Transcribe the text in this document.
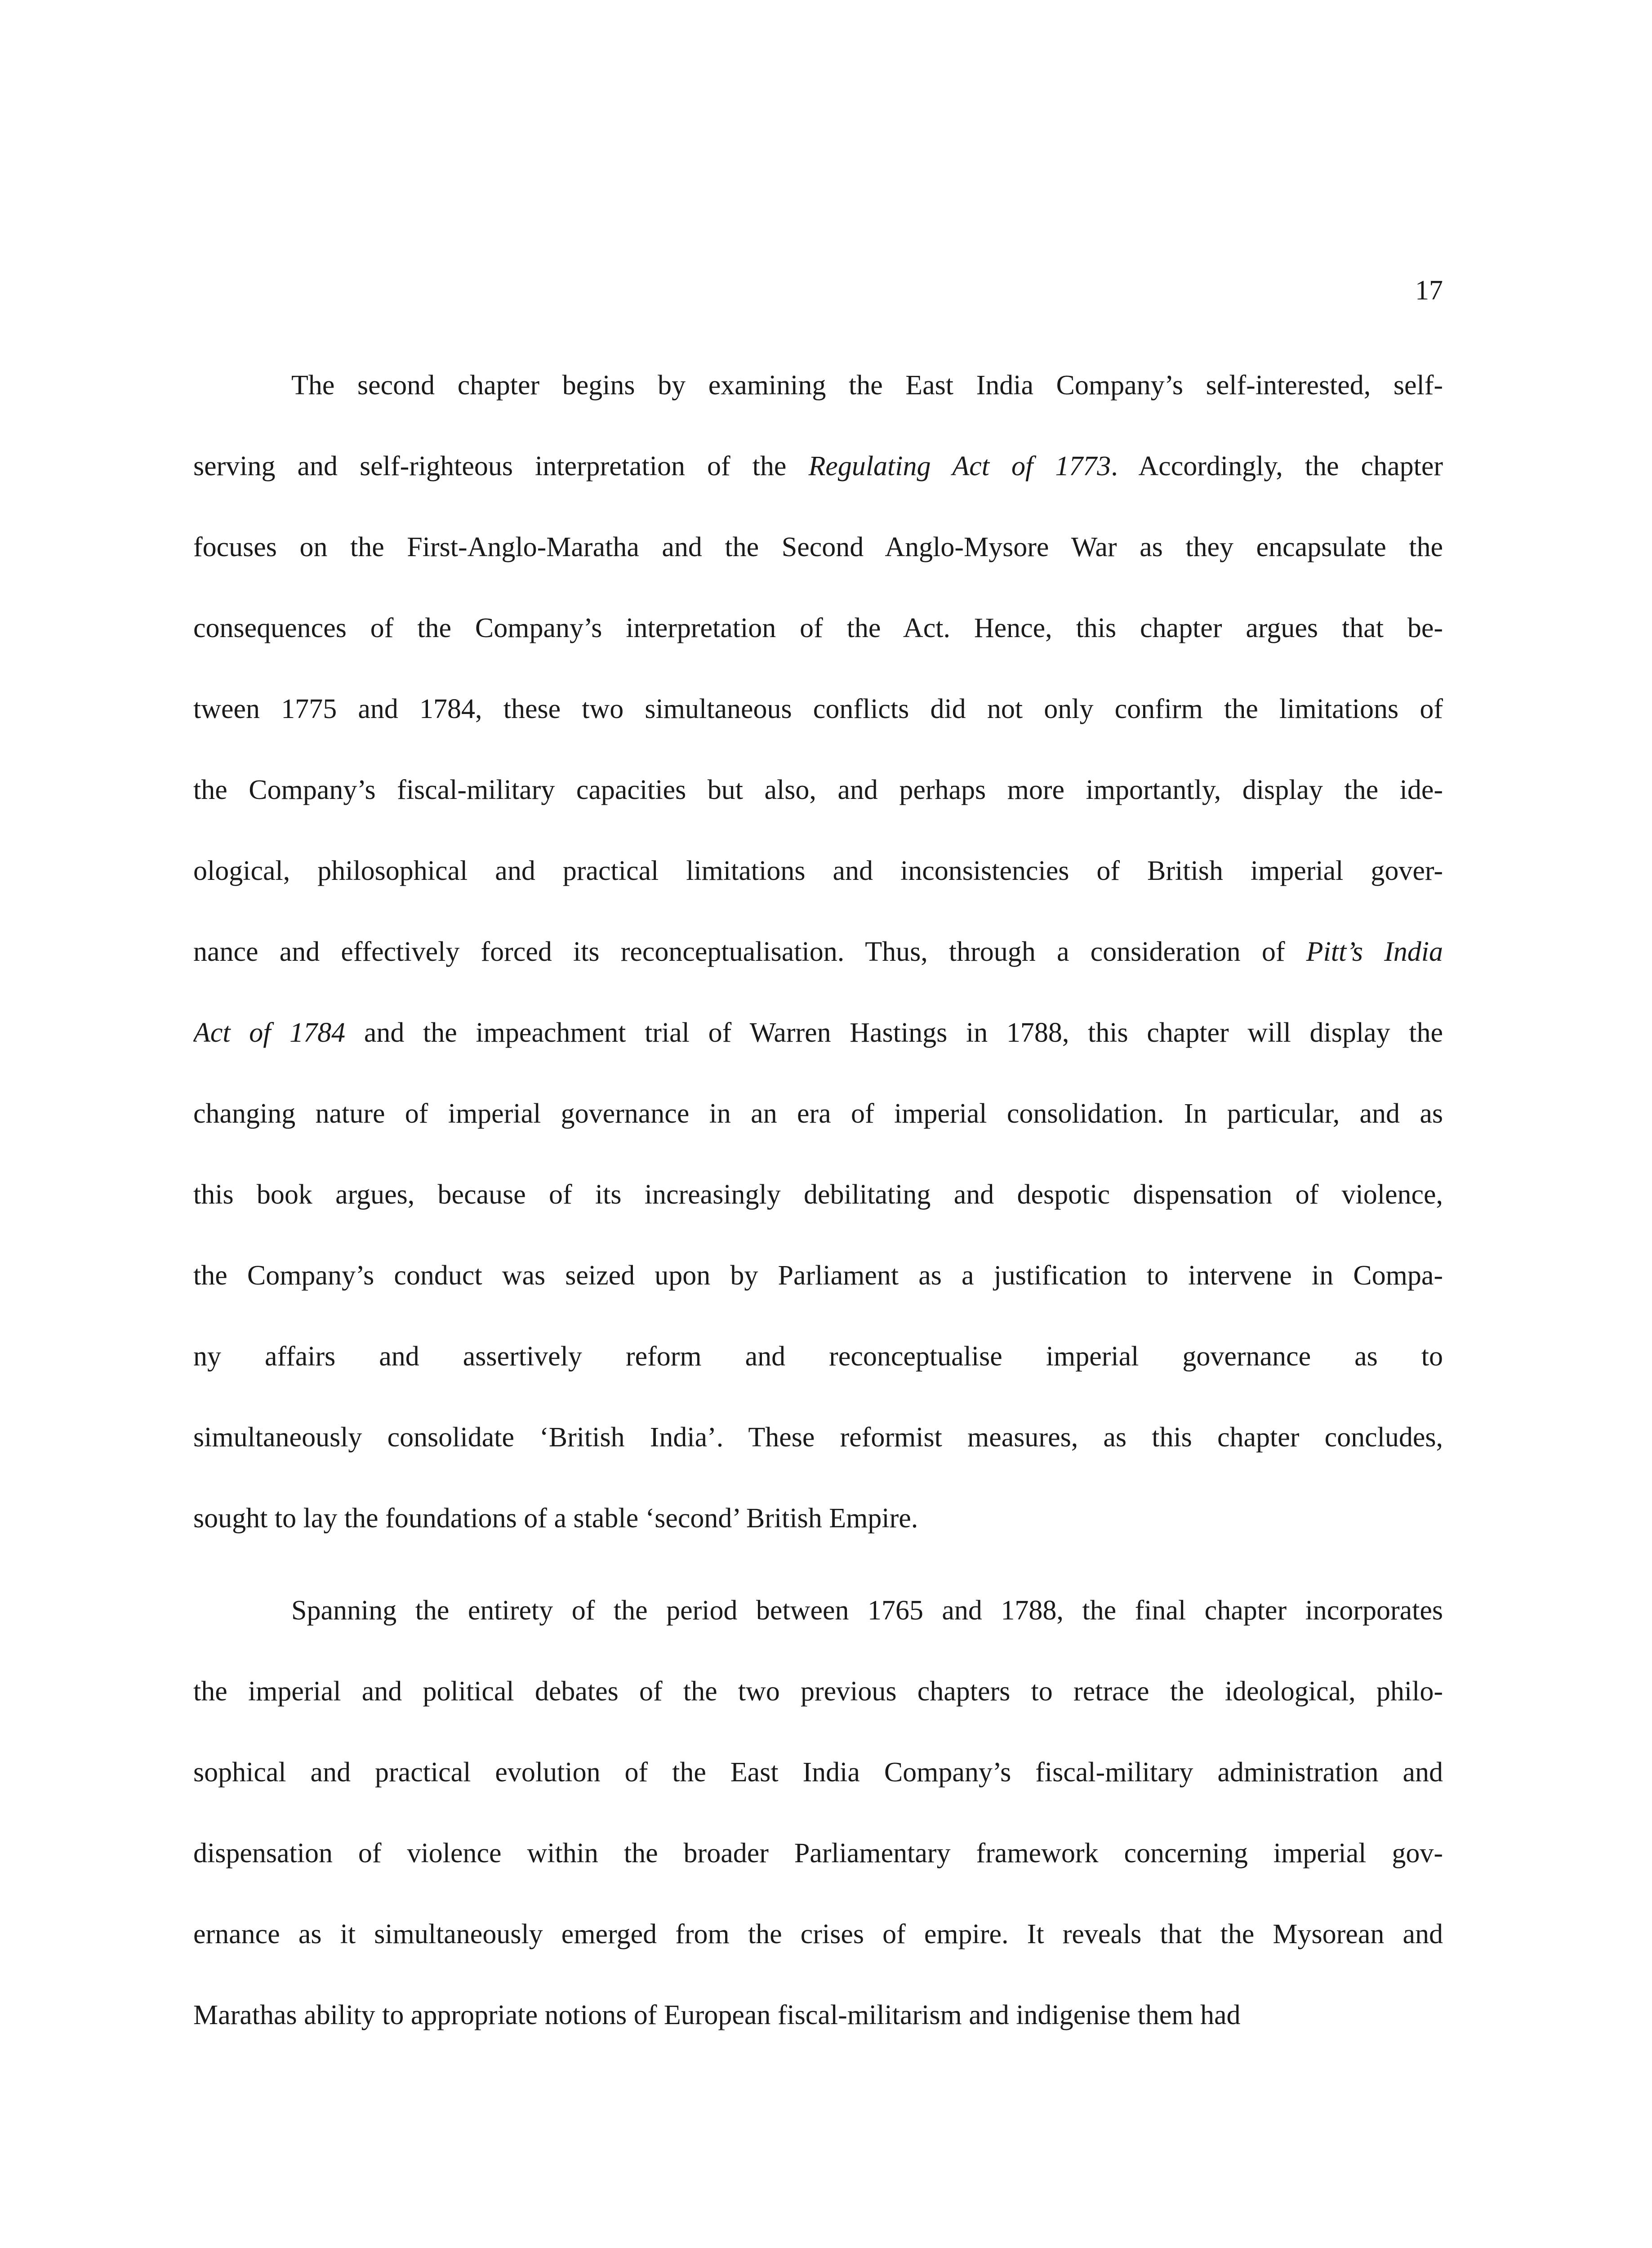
17
The second chapter begins by examining the East India Company’s self-interested, self-
serving and self-righteous interpretation of the Regulating Act of 1773. Accordingly, the chapter
focuses on the First-Anglo-Maratha and the Second Anglo-Mysore War as they encapsulate the
consequences of the Company’s interpretation of the Act. Hence, this chapter argues that be-
tween 1775 and 1784, these two simultaneous conflicts did not only confirm the limitations of
the Company’s fiscal-military capacities but also, and perhaps more importantly, display the ide-
ological, philosophical and practical limitations and inconsistencies of British imperial gover-
nance and effectively forced its reconceptualisation. Thus, through a consideration of Pitt’s India
Act of 1784 and the impeachment trial of Warren Hastings in 1788, this chapter will display the
changing nature of imperial governance in an era of imperial consolidation. In particular, and as
this book argues, because of its increasingly debilitating and despotic dispensation of violence,
the Company’s conduct was seized upon by Parliament as a justification to intervene in Compa-
ny affairs and assertively reform and reconceptualise imperial governance as to
simultaneously consolidate ‘British India’. These reformist measures, as this chapter concludes,
sought to lay the foundations of a stable ‘second’ British Empire.
Spanning the entirety of the period between 1765 and 1788, the final chapter incorporates
the imperial and political debates of the two previous chapters to retrace the ideological, philo-
sophical and practical evolution of the East India Company’s fiscal-military administration and
dispensation of violence within the broader Parliamentary framework concerning imperial gov-
ernance as it simultaneously emerged from the crises of empire. It reveals that the Mysorean and
Marathas ability to appropriate notions of European fiscal-militarism and indigenise them had
